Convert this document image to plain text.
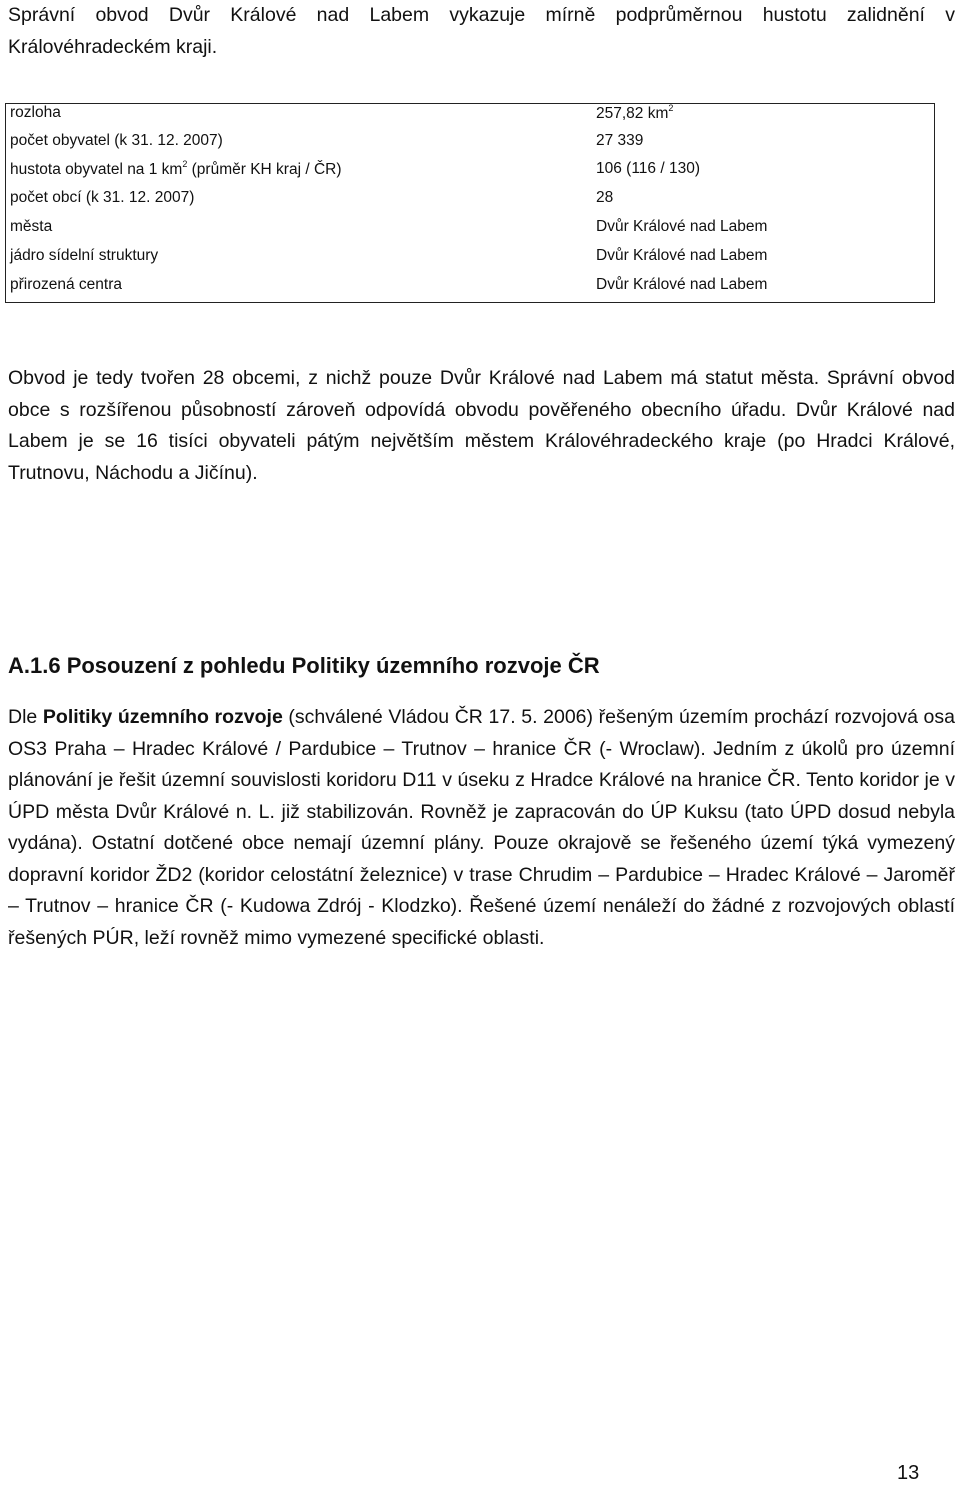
Správní obvod Dvůr Králové nad Labem vykazuje mírně podprůměrnou hustotu zalidnění v Královéhradeckém kraji.

rozloha	257,82 $km^2$
počet obyvatel (k 31. 12. 2007)	27 339
hustota obyvatel na 1 $km^2$ (průměr KH kraj / ČR)	106 (116 / 130)
počet obcí (k 31. 12. 2007)	28
města	Dvůr Králové nad Labem
jádro sídelní struktury	Dvůr Králové nad Labem
přirozená centra	Dvůr Králové nad Labem

Obvod je tedy tvořen 28 obcemi, z nichž pouze Dvůr Králové nad Labem má statut města. Správní obvod obce s rozšířenou působností zároveň odpovídá obvodu pověřeného obecního úřadu. Dvůr Králové nad Labem je se 16 tisíci obyvateli pátým největším městem Královéhradeckého kraje (po Hradci Králové, Trutnovu, Náchodu a Jičínu).

A.1.6 Posouzení z pohledu Politiky územního rozvoje ČR

Dle Politiky územního rozvoje (schválené Vládou ČR 17. 5. 2006) řešeným územím prochází rozvojová osa OS3 Praha – Hradec Králové / Pardubice – Trutnov – hranice ČR (- Wroclaw). Jedním z úkolů pro územní plánování je řešit územní souvislosti koridoru D11 v úseku z Hradce Králové na hranice ČR. Tento koridor je v ÚPD města Dvůr Králové n. L. již stabilizován. Rovněž je zapracován do ÚP Kuksu (tato ÚPD dosud nebyla vydána). Ostatní dotčené obce nemají územní plány. Pouze okrajově se řešeného území týká vymezený dopravní koridor ŽD2 (koridor celostátní železnice) v trase Chrudim – Pardubice – Hradec Králové – Jaroměř – Trutnov – hranice ČR (- Kudowa Zdrój - Klodzko). Řešené území nenáleží do žádné z rozvojových oblastí řešených PÚR, leží rovněž mimo vymezené specifické oblasti.

13
